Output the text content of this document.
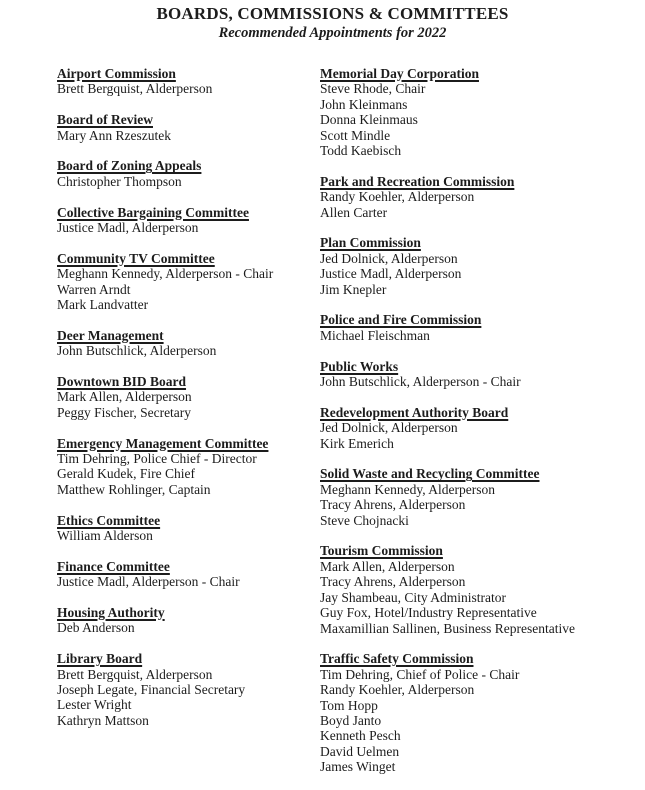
BOARDS, COMMISSIONS & COMMITTEES
Recommended Appointments for 2022
Airport Commission
Brett Bergquist, Alderperson
Board of Review
Mary Ann Rzeszutek
Board of Zoning Appeals
Christopher Thompson
Collective Bargaining Committee
Justice Madl, Alderperson
Community TV Committee
Meghann Kennedy, Alderperson - Chair
Warren Arndt
Mark Landvatter
Deer Management
John Butschlick, Alderperson
Downtown BID Board
Mark Allen, Alderperson
Peggy Fischer, Secretary
Emergency Management Committee
Tim Dehring, Police Chief - Director
Gerald Kudek, Fire Chief
Matthew Rohlinger, Captain
Ethics Committee
William Alderson
Finance Committee
Justice Madl, Alderperson - Chair
Housing Authority
Deb Anderson
Library Board
Brett Bergquist, Alderperson
Joseph Legate, Financial Secretary
Lester Wright
Kathryn Mattson
Memorial Day Corporation
Steve Rhode, Chair
John Kleinmans
Donna Kleinmaus
Scott Mindle
Todd Kaebisch
Park and Recreation Commission
Randy Koehler, Alderperson
Allen Carter
Plan Commission
Jed Dolnick, Alderperson
Justice Madl, Alderperson
Jim Knepler
Police and Fire Commission
Michael Fleischman
Public Works
John Butschlick, Alderperson - Chair
Redevelopment Authority Board
Jed Dolnick, Alderperson
Kirk Emerich
Solid Waste and Recycling Committee
Meghann Kennedy, Alderperson
Tracy Ahrens, Alderperson
Steve Chojnacki
Tourism Commission
Mark Allen, Alderperson
Tracy Ahrens, Alderperson
Jay Shambeau, City Administrator
Guy Fox, Hotel/Industry Representative
Maxamillian Sallinen, Business Representative
Traffic Safety Commission
Tim Dehring, Chief of Police - Chair
Randy Koehler, Alderperson
Tom Hopp
Boyd Janto
Kenneth Pesch
David Uelmen
James Winget
